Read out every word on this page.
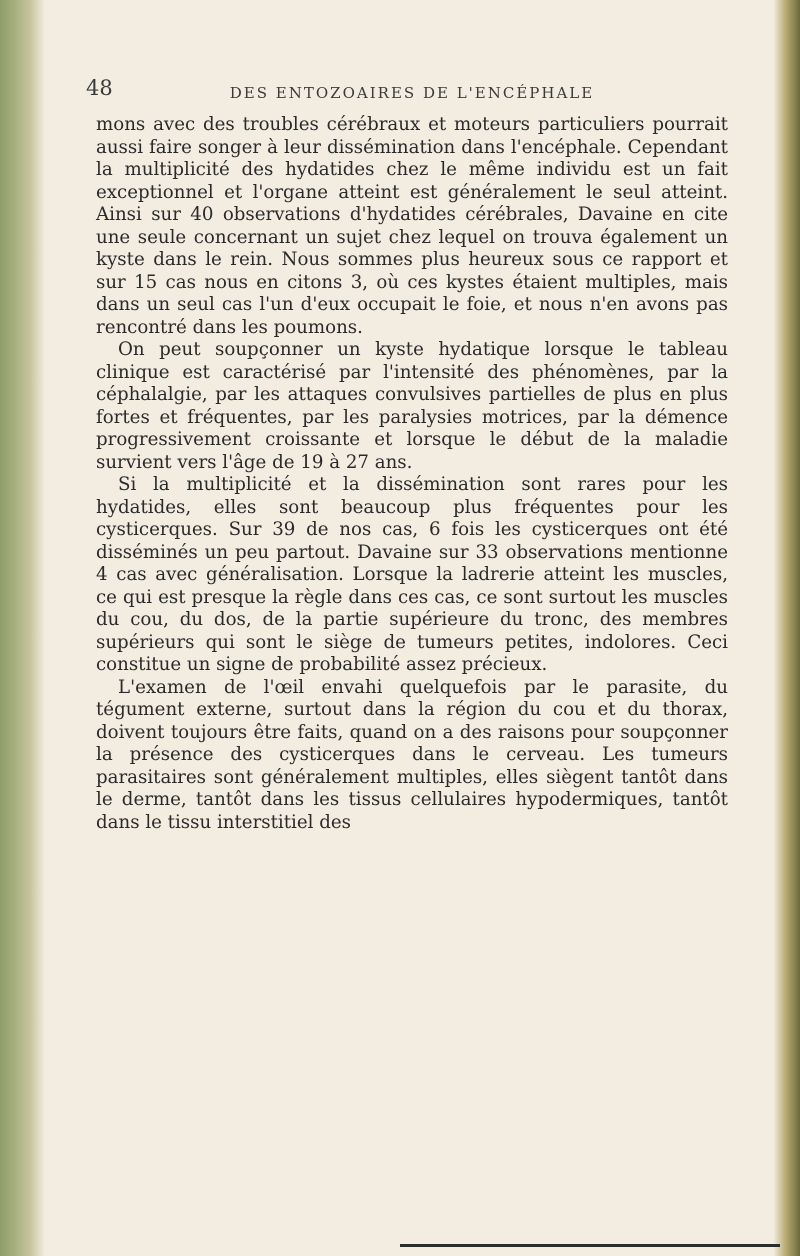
48	DES ENTOZOAIRES DE L'ENCÉPHALE

mons avec des troubles cérébraux et moteurs particuliers pourrait aussi faire songer à leur dissémination dans l'encéphale. Cependant la multiplicité des hydatides chez le même individu est un fait exceptionnel et l'organe atteint est généralement le seul atteint. Ainsi sur 40 observations d'hydatides cérébrales, Davaine en cite une seule concernant un sujet chez lequel on trouva également un kyste dans le rein. Nous sommes plus heureux sous ce rapport et sur 15 cas nous en citons 3, où ces kystes étaient multiples, mais dans un seul cas l'un d'eux occupait le foie, et nous n'en avons pas rencontré dans les poumons.

On peut soupçonner un kyste hydatique lorsque le tableau clinique est caractérisé par l'intensité des phénomènes, par la céphalalgie, par les attaques convulsives partielles de plus en plus fortes et fréquentes, par les paralysies motrices, par la démence progressivement croissante et lorsque le début de la maladie survient vers l'âge de 19 à 27 ans.

Si la multiplicité et la dissémination sont rares pour les hydatides, elles sont beaucoup plus fréquentes pour les cysticerques. Sur 39 de nos cas, 6 fois les cysticerques ont été disséminés un peu partout. Davaine sur 33 observations mentionne 4 cas avec généralisation. Lorsque la ladrerie atteint les muscles, ce qui est presque la règle dans ces cas, ce sont surtout les muscles du cou, du dos, de la partie supérieure du tronc, des membres supérieurs qui sont le siège de tumeurs petites, indolores. Ceci constitue un signe de probabilité assez précieux.

L'examen de l'œil envahi quelquefois par le parasite, du tégument externe, surtout dans la région du cou et du thorax, doivent toujours être faits, quand on a des raisons pour soupçonner la présence des cysticerques dans le cerveau. Les tumeurs parasitaires sont généralement multiples, elles siègent tantôt dans le derme, tantôt dans les tissus cellulaires hypodermiques, tantôt dans le tissu interstitiel des
